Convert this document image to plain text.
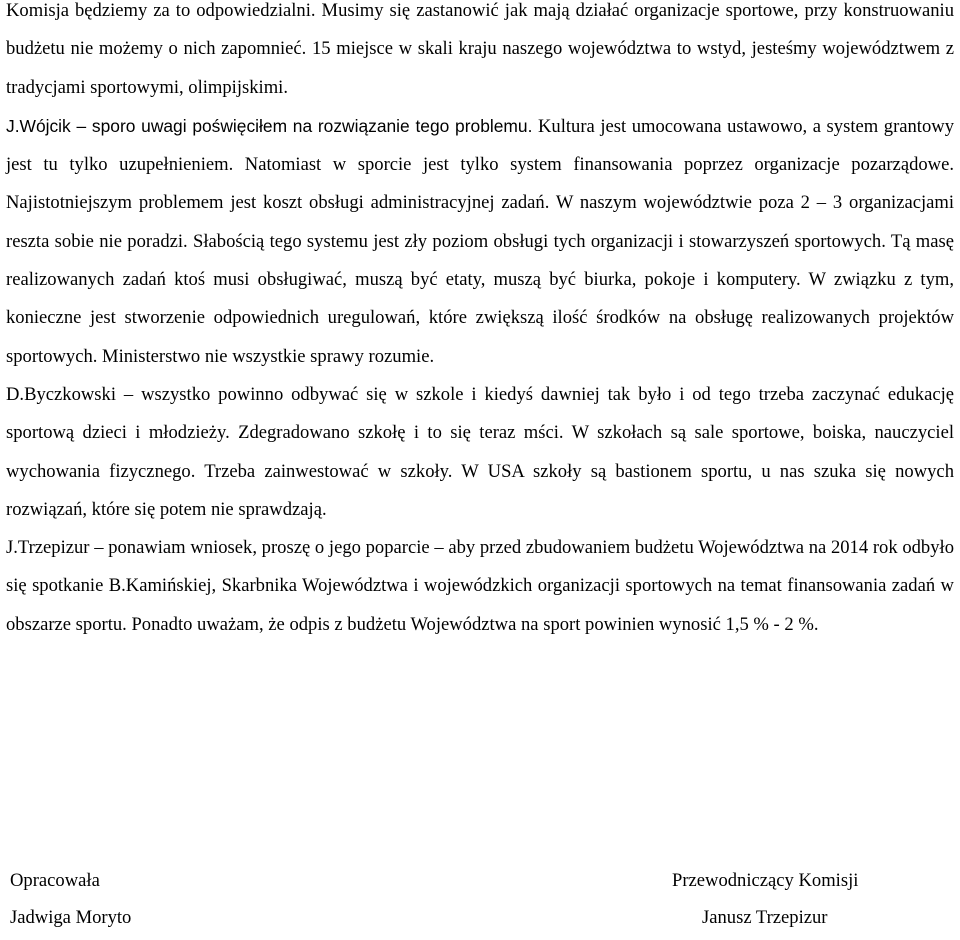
Komisja będziemy za to odpowiedzialni. Musimy się zastanowić jak mają działać organizacje sportowe, przy konstruowaniu budżetu nie możemy o nich zapomnieć. 15 miejsce w skali kraju naszego województwa to wstyd, jesteśmy województwem z tradycjami sportowymi, olimpijskimi.

J.Wójcik – sporo uwagi poświęciłem na rozwiązanie tego problemu. Kultura jest umocowana ustawowo, a system grantowy jest tu tylko uzupełnieniem. Natomiast w sporcie jest tylko system finansowania poprzez organizacje pozarządowe. Najistotniejszym problemem jest koszt obsługi administracyjnej zadań. W naszym województwie poza 2 – 3 organizacjami reszta sobie nie poradzi. Słabością tego systemu jest zły poziom obsługi tych organizacji i stowarzyszeń sportowych. Tą masę realizowanych zadań ktoś musi obsługiwać, muszą być etaty, muszą być biurka, pokoje i komputery. W związku z tym, konieczne jest stworzenie odpowiednich uregulowań, które zwiększą ilość środków na obsługę realizowanych projektów sportowych. Ministerstwo nie wszystkie sprawy rozumie.

D.Byczkowski – wszystko powinno odbywać się w szkole i kiedyś dawniej tak było i od tego trzeba zaczynać edukację sportową dzieci i młodzieży. Zdegradowano szkołę i to się teraz mści. W szkołach są sale sportowe, boiska, nauczyciel wychowania fizycznego. Trzeba zainwestować w szkoły. W USA szkoły są bastionem sportu, u nas szuka się nowych rozwiązań, które się potem nie sprawdzają.

J.Trzepizur – ponawiam wniosek, proszę o jego poparcie – aby przed zbudowaniem budżetu Województwa na 2014 rok odbyło się spotkanie B.Kamińskiej, Skarbnika Województwa i wojewódzkich organizacji sportowych na temat finansowania zadań w obszarze sportu. Ponadto uważam, że odpis z budżetu Województwa na sport powinien wynosić 1,5 % - 2 %.

Opracowała
Jadwiga Moryto
Przewodniczący Komisji
Janusz Trzepizur
